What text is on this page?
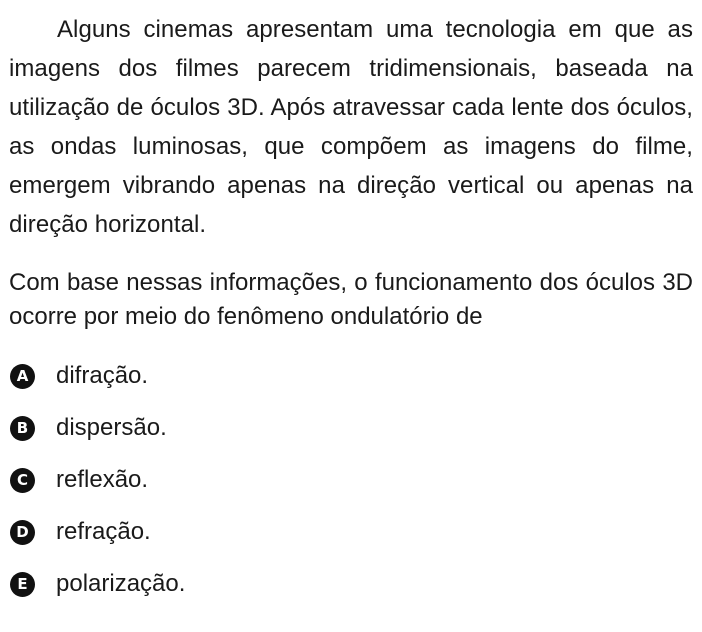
Alguns cinemas apresentam uma tecnologia em que as imagens dos filmes parecem tridimensionais, baseada na utilização de óculos 3D. Após atravessar cada lente dos óculos, as ondas luminosas, que compõem as imagens do filme, emergem vibrando apenas na direção vertical ou apenas na direção horizontal.

Com base nessas informações, o funcionamento dos óculos 3D ocorre por meio do fenômeno ondulatório de

A difração.
B dispersão.
C reflexão.
D refração.
E	polarização.
